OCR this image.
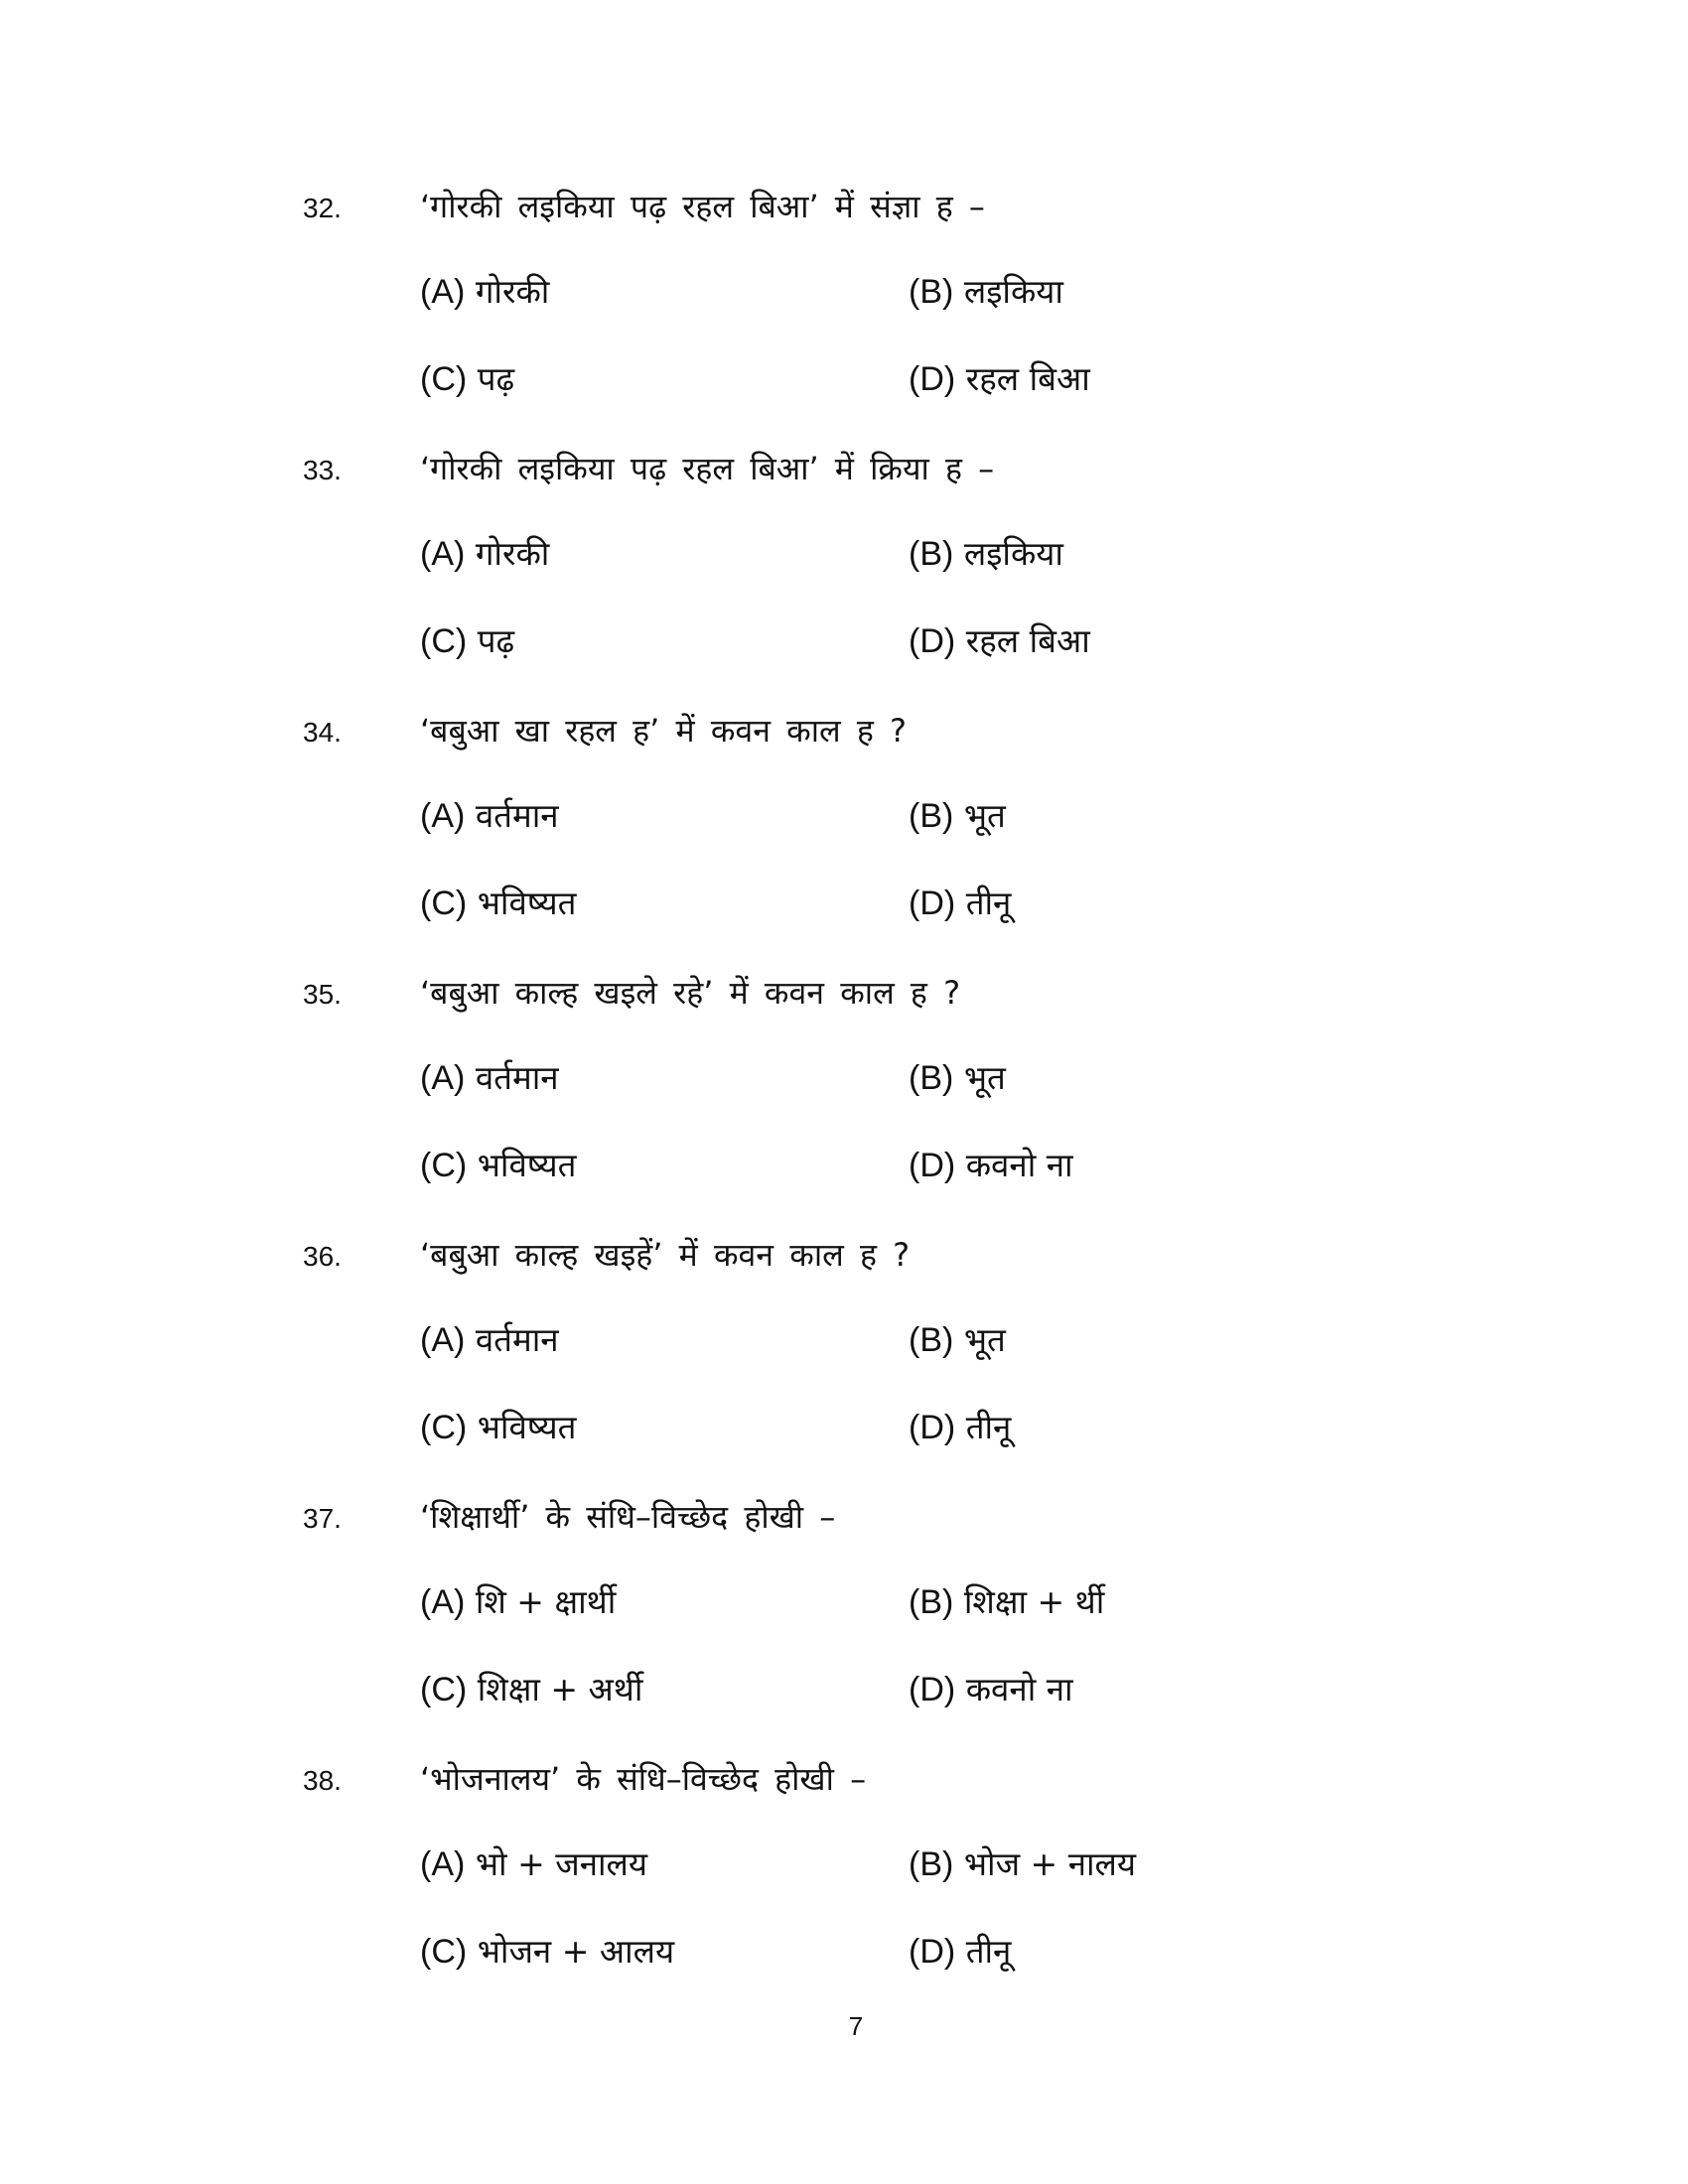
32. ‘गोरकी लइकिया पढ़ रहल बिआ’ में संज्ञा ह –
(A) गोरकी	(B) लइकिया
(C) पढ़	(D) रहल बिआ
33. ‘गोरकी लइकिया पढ़ रहल बिआ’ में क्रिया ह –
(A) गोरकी	(B) लइकिया
(C) पढ़	(D) रहल बिआ
34. ‘बबुआ खा रहल ह’ में कवन काल ह ?
(A) वर्तमान	(B) भूत
(C) भविष्यत	(D) तीनू
35. ‘बबुआ काल्ह खइले रहे’ में कवन काल ह ?
(A) वर्तमान	(B) भूत
(C) भविष्यत	(D) कवनो ना
36. ‘बबुआ काल्ह खइहें’ में कवन काल ह ?
(A) वर्तमान	(B) भूत
(C) भविष्यत	(D) तीनू
37. ‘शिक्षार्थी’ के संधि–विच्छेद होखी –
(A) शि + क्षार्थी	(B) शिक्षा + र्थी
(C) शिक्षा + अर्थी	(D) कवनो ना
38. ‘भोजनालय’ के संधि–विच्छेद होखी –
(A) भो + जनालय	(B) भोज + नालय
(C) भोजन + आलय	(D) तीनू
7
